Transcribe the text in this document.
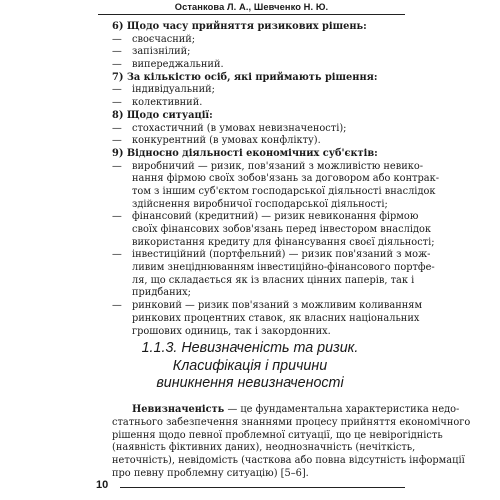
Останкова Л. А., Шевченко Н. Ю.
6) Щодо часу прийняття ризикових рішень:
— своєчасний;
— запізнілий;
— випереджальний.
7) За кількістю осіб, які приймають рішення:
— індивідуальний;
— колективний.
8) Щодо ситуації:
— стохастичний (в умовах невизначеності);
— конкурентний (в умовах конфлікту).
9) Відносно діяльності економічних суб'єктів:
— виробничий — ризик, пов'язаний з можливістю невико-
нання фірмою своїх зобов'язань за договором або контрак-
том з іншим суб'єктом господарської діяльності внаслідок
здійснення виробничої господарської діяльності;
— фінансовий (кредитний) — ризик невиконання фірмою
своїх фінансових зобов'язань перед інвестором внаслідок
використання кредиту для фінансування своєї діяльності;
— інвестиційний (портфельний) — ризик пов'язаний з мож-
ливим знеціднюванням інвестиційно-фінансового портфе-
ля, що складається як із власних цінних паперів, так і
придбаних;
— ринковий — ризик пов'язаний з можливим коливанням
ринкових процентних ставок, як власних національних
грошових одиниць, так і закордонних.
1.1.3. Невизначеність та ризик.
Класифікація і причини
виникнення невизначеності
Невизначеність — це фундаментальна характеристика недо-
статнього забезпечення знаннями процесу прийняття економічного
рішення щодо певної проблемної ситуації, що це невірогідність
(наявність фіктивних даних), неоднозначність (нечіткість,
неточність), невідомість (часткова або повна відсутність інформації
про певну проблемну ситуацію) [5–6].
10
